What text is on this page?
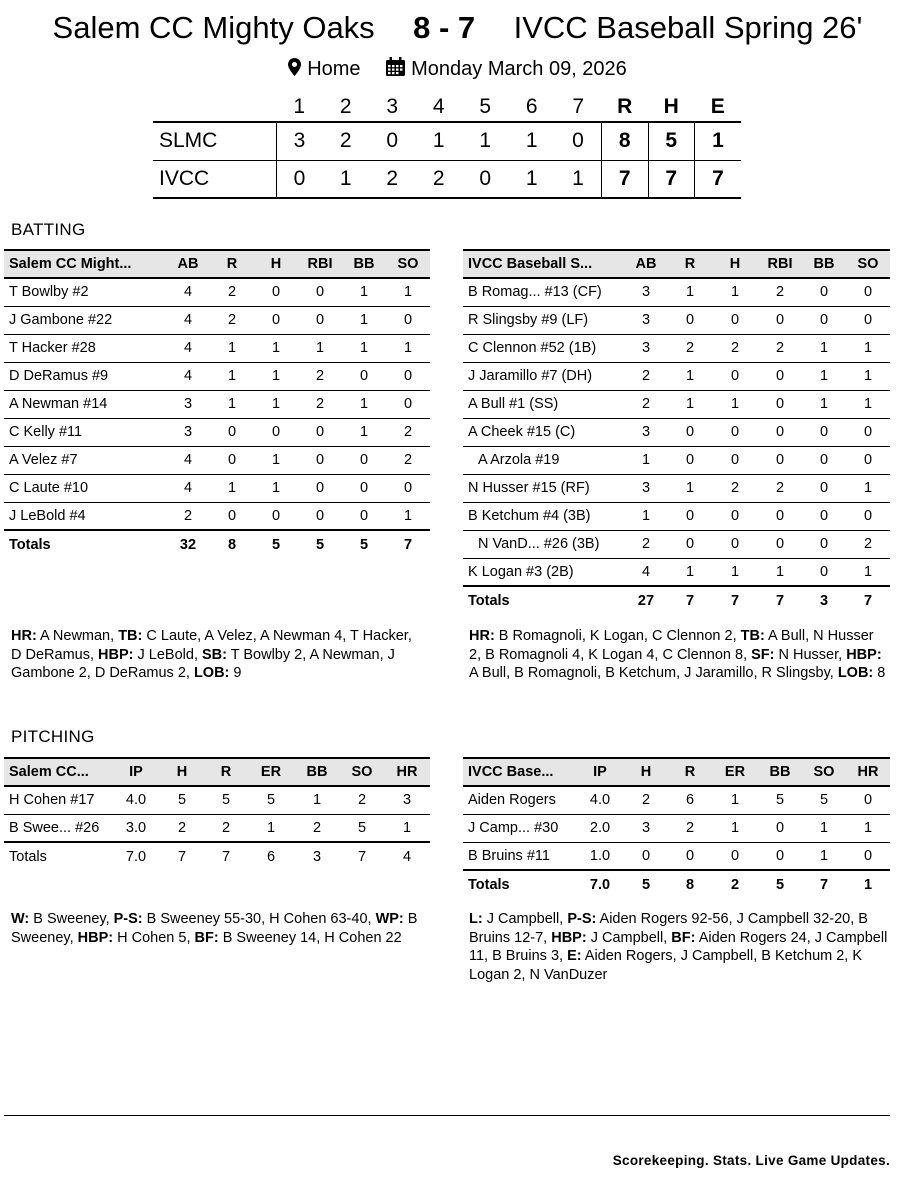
Salem CC Mighty Oaks 8 - 7 IVCC Baseball Spring 26'
Home
	Monday March 09, 2026
	1	2	3	4	5	6	7	R	H	E
SLMC	3	2	0	1	1	1	0	8	5	1
IVCC	0	1	2	2	0	1	1	7	7	7
BATTING
Salem CC Might...	AB	R	H	RBI	BB	SO
T Bowlby #2	4	2	0	0	1	1
J Gambone #22	4	2	0	0	1	0
T Hacker #28	4	1	1	1	1	1
D DeRamus #9	4	1	1	2	0	0
A Newman #14	3	1	1	2	1	0
C Kelly #11	3	0	0	0	1	2
A Velez #7	4	0	1	0	0	2
C Laute #10	4	1	1	0	0	0
J LeBold #4	2	0	0	0	0	1
Totals	32	8	5	5	5	7
IVCC Baseball S...	AB	R	H	RBI	BB	SO
B Romag... #13 (CF)	3	1	1	2	0	0
R Slingsby #9 (LF)	3	0	0	0	0	0
C Clennon #52 (1B)	3	2	2	2	1	1
J Jaramillo #7 (DH)	2	1	0	0	1	1
A Bull #1 (SS)	2	1	1	0	1	1
A Cheek #15 (C)	3	0	0	0	0	0
A Arzola #19	1	0	0	0	0	0
N Husser #15 (RF)	3	1	2	2	0	1
B Ketchum #4 (3B)	1	0	0	0	0	0
N VanD... #26 (3B)	2	0	0	0	0	2
K Logan #3 (2B)	4	1	1	1	0	1
Totals	27	7	7	7	3	7
HR: A Newman, TB: C Laute, A Velez, A Newman 4, T Hacker, D DeRamus, HBP: J LeBold, SB: T Bowlby 2, A Newman, J Gambone 2, D DeRamus 2, LOB: 9
HR: B Romagnoli, K Logan, C Clennon 2, TB: A Bull, N Husser 2, B Romagnoli 4, K Logan 4, C Clennon 8, SF: N Husser, HBP: A Bull, B Romagnoli, B Ketchum, J Jaramillo, R Slingsby, LOB: 8
PITCHING
Salem CC...	IP	H	R	ER	BB	SO	HR
H Cohen #17	4.0	5	5	5	1	2	3
B Swee... #26	3.0	2	2	1	2	5	1
Totals	7.0	7	7	6	3	7	4
IVCC Base...	IP	H	R	ER	BB	SO	HR
Aiden Rogers	4.0	2	6	1	5	5	0
J Camp... #30	2.0	3	2	1	0	1	1
B Bruins #11	1.0	0	0	0	0	1	0
Totals	7.0	5	8	2	5	7	1
W: B Sweeney, P-S: B Sweeney 55-30, H Cohen 63-40, WP: B Sweeney, HBP: H Cohen 5, BF: B Sweeney 14, H Cohen 22
L: J Campbell, P-S: Aiden Rogers 92-56, J Campbell 32-20, B Bruins 12-7, HBP: J Campbell, BF: Aiden Rogers 24, J Campbell 11, B Bruins 3, E: Aiden Rogers, J Campbell, B Ketchum 2, K Logan 2, N VanDuzer
Scorekeeping. Stats. Live Game Updates.
